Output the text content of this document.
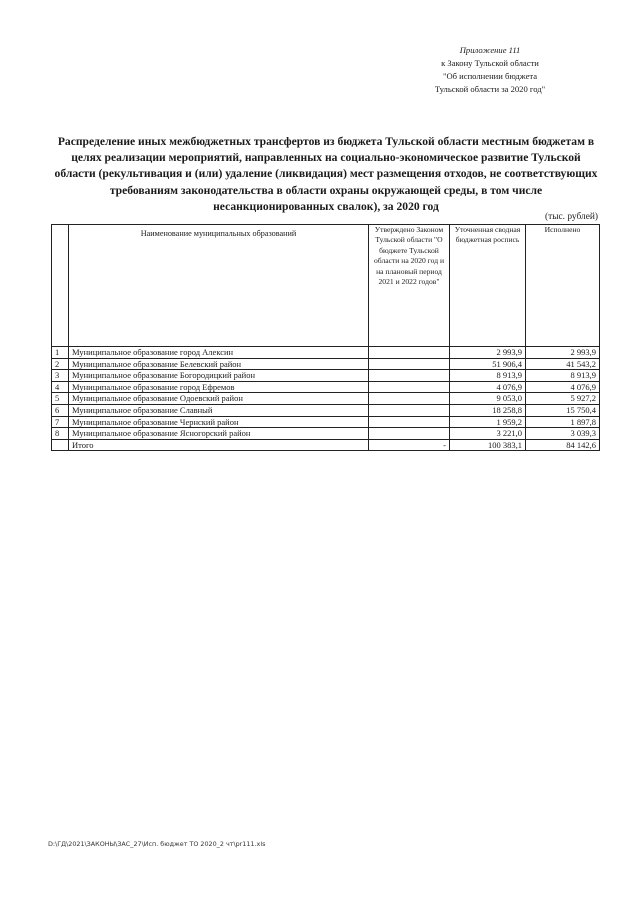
Приложение 111
к Закону Тульской области
"Об исполнении бюджета
Тульской области за 2020 год"
Распределение иных межбюджетных трансфертов из бюджета Тульской области местным бюджетам в целях реализации мероприятий, направленных на социально-экономическое развитие Тульской области (рекультивация и (или) удаление (ликвидация) мест размещения отходов, не соответствующих требованиям законодательства в области охраны окружающей среды, в том числе несанкционированных свалок), за 2020 год
(тыс. рублей)
	Наименование муниципальных образований	Утверждено Законом Тульской области "О бюджете Тульской области на 2020 год и на плановый период 2021 и 2022 годов"	Уточненная сводная бюджетная роспись	Исполнено
1	Муниципальное образование город Алексин		2 993,9	2 993,9
2	Муниципальное образование Белевский район		51 906,4	41 543,2
3	Муниципальное образование Богородицкий район		8 913,9	8 913,9
4	Муниципальное образование город Ефремов		4 076,9	4 076,9
5	Муниципальное образование Одоевский район		9 053,0	5 927,2
6	Муниципальное образование Славный		18 258,8	15 750,4
7	Муниципальное образование Чернский район		1 959,2	1 897,8
8	Муниципальное образование Ясногорский район		3 221,0	3 039,3
	Итого	-	100 383,1	84 142,6
D:\ГД\2021\ЗАКОНЫ\ЗАС_27\Исп. бюджет ТО 2020_2 чт\pr111.xls
